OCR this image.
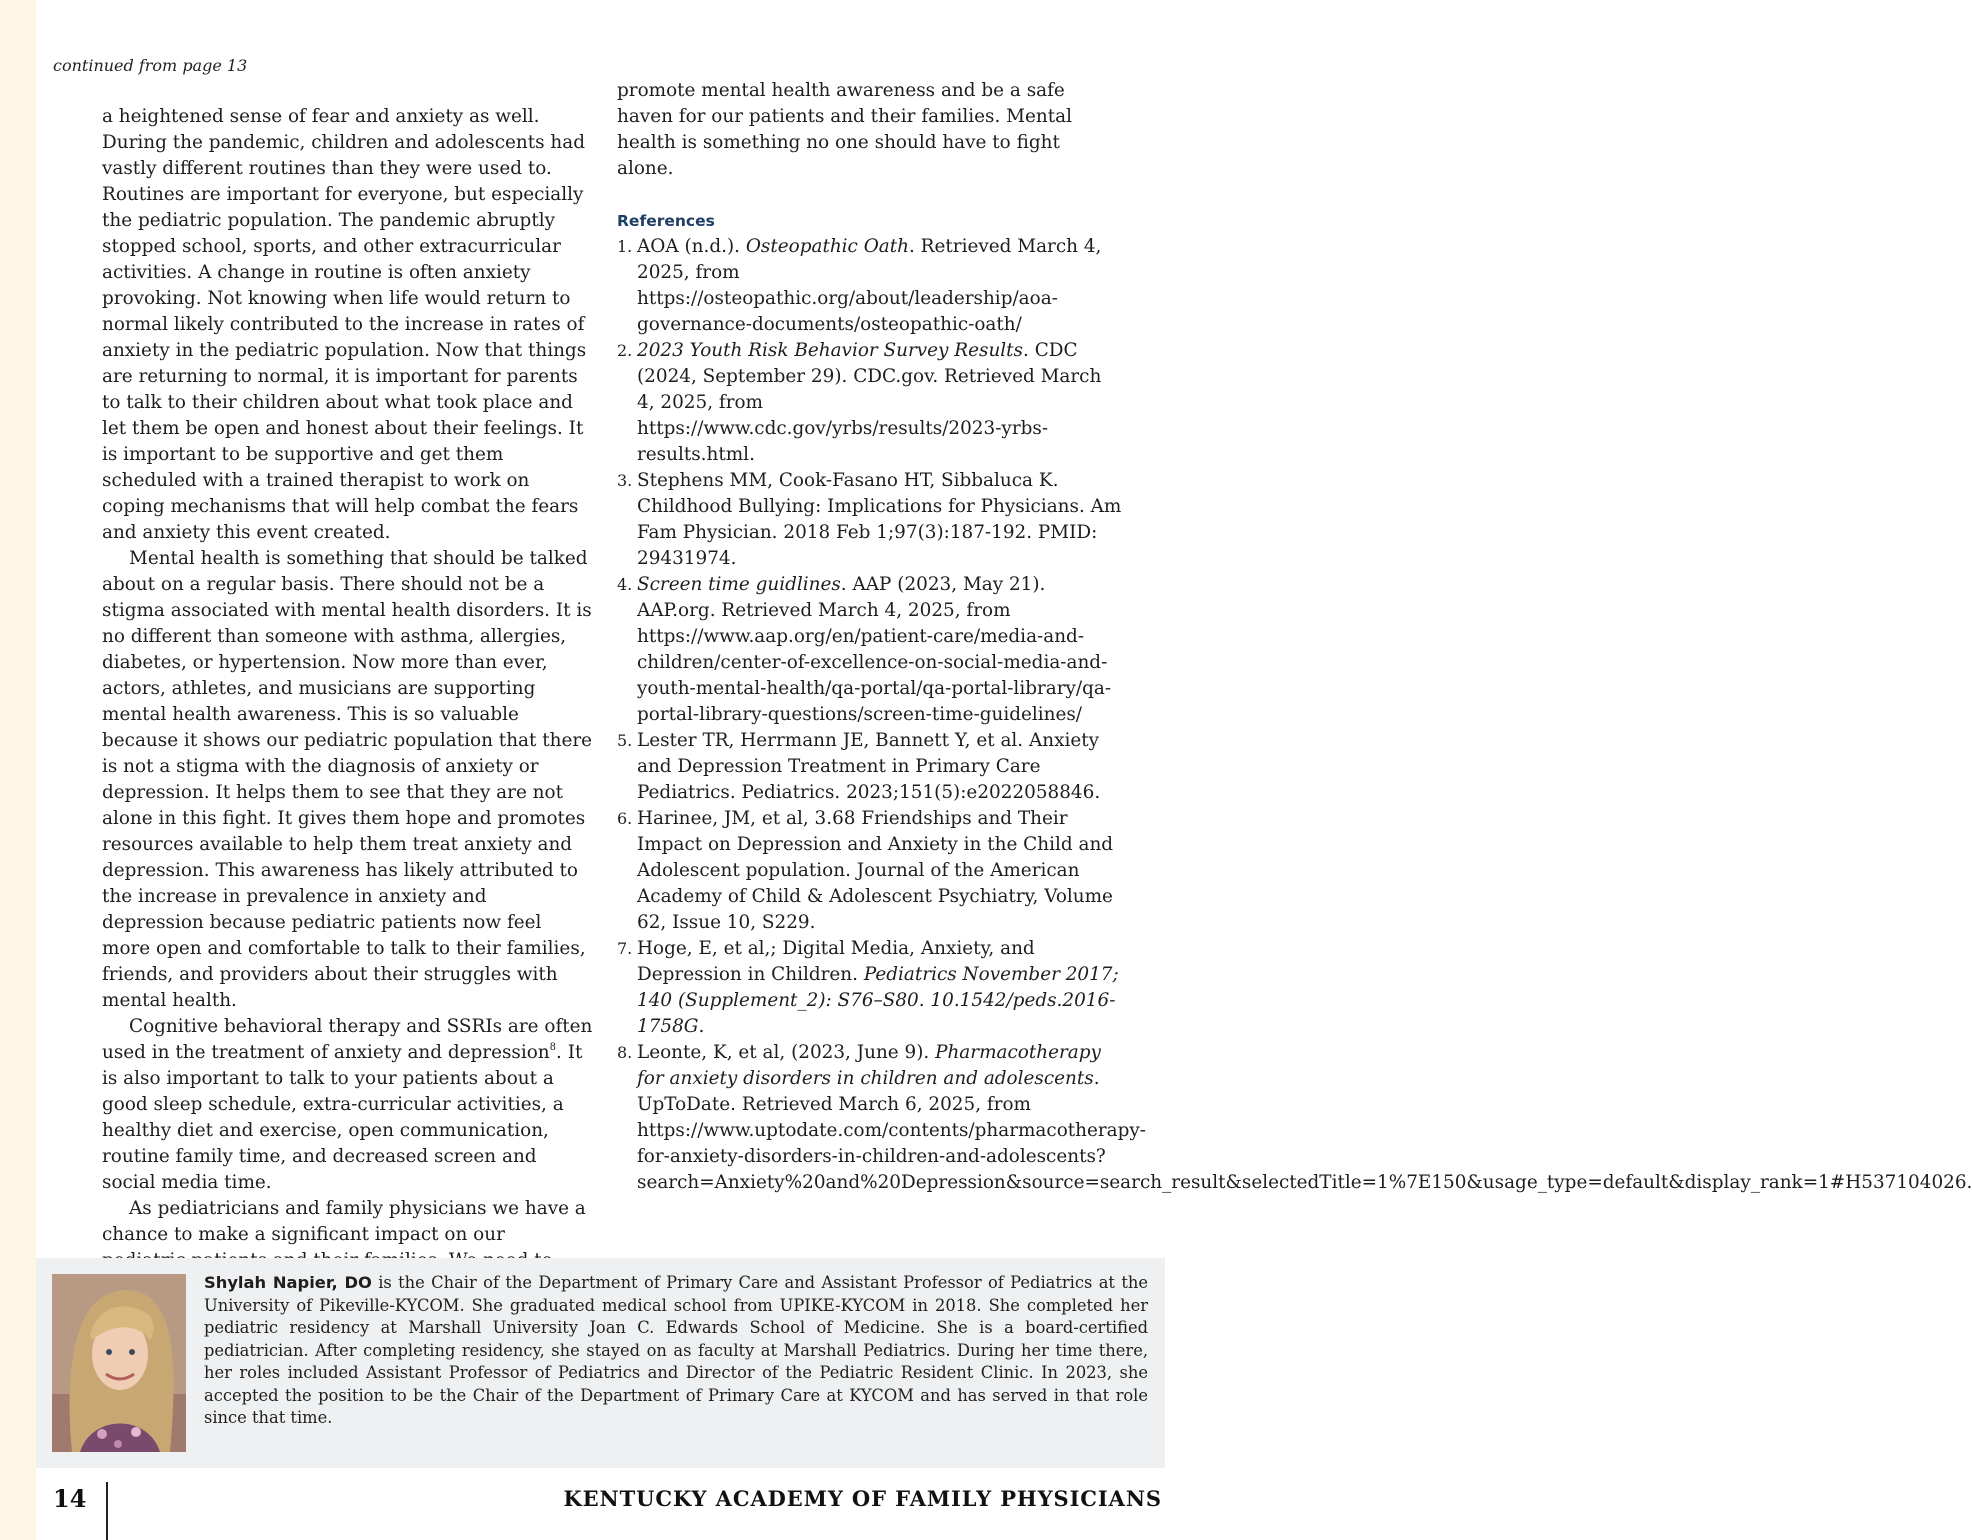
continued from page 13

a heightened sense of fear and anxiety as well. During the pandemic, children and adolescents had vastly different routines than they were used to. Routines are important for everyone, but especially the pediatric population. The pandemic abruptly stopped school, sports, and other extracurricular activities. A change in routine is often anxiety provoking. Not knowing when life would return to normal likely contributed to the increase in rates of anxiety in the pediatric population. Now that things are returning to normal, it is important for parents to talk to their children about what took place and let them be open and honest about their feelings. It is important to be supportive and get them scheduled with a trained therapist to work on coping mechanisms that will help combat the fears and anxiety this event created.

Mental health is something that should be talked about on a regular basis. There should not be a stigma associated with mental health disorders. It is no different than someone with asthma, allergies, diabetes, or hypertension. Now more than ever, actors, athletes, and musicians are supporting mental health awareness. This is so valuable because it shows our pediatric population that there is not a stigma with the diagnosis of anxiety or depression. It helps them to see that they are not alone in this fight. It gives them hope and promotes resources available to help them treat anxiety and depression. This awareness has likely attributed to the increase in prevalence in anxiety and depression because pediatric patients now feel more open and comfortable to talk to their families, friends, and providers about their struggles with mental health.

Cognitive behavioral therapy and SSRIs are often used in the treatment of anxiety and depression$^8$. It is also important to talk to your patients about a good sleep schedule, extra-curricular activities, a healthy diet and exercise, open communication, routine family time, and decreased screen and social media time.

As pediatricians and family physicians we have a chance to make a significant impact on our

promote mental health awareness and be a safe haven for our patients and their families. Mental health is something no one should have to fight alone.

References
1. AOA (n.d.). Osteopathic Oath. Retrieved March 4, 2025, from https://osteopathic.org/about/leadership/aoa-governance-documents/osteopathic-oath/
2. 2023 Youth Risk Behavior Survey Results. CDC (2024, September 29). CDC.gov. Retrieved March 4, 2025, from https://www.cdc.gov/yrbs/results/2023-yrbs-results.html.
3. Stephens MM, Cook-Fasano HT, Sibbaluca K. Childhood Bullying: Implications for Physicians. Am Fam Physician. 2018 Feb 1;97(3):187-192. PMID: 29431974.
4. Screen time guidlines. AAP (2023, May 21). AAP.org. Retrieved March 4, 2025, from https://www.aap.org/en/patient-care/media-and-children/center-of-excellence-on-social-media-and-youth-mental-health/qa-portal/qa-portal-library/qa-portal-library-questions/screen-time-guidelines/
5. Lester TR, Herrmann JE, Bannett Y, et al. Anxiety and Depression Treatment in Primary Care Pediatrics. Pediatrics. 2023;151(5):e2022058846.
6. Harinee, JM, et al, 3.68 Friendships and Their Impact on Depression and Anxiety in the Child and Adolescent population. Journal of the American Academy of Child & Adolescent Psychiatry, Volume 62, Issue 10, S229.
7. Hoge, E, et al,; Digital Media, Anxiety, and Depression in Children. Pediatrics November 2017; 140 (Supplement_2): S76–S80. 10.1542/peds.2016-1758G.
8. Leonte, K, et al, (2023, June 9). Pharmacotherapy for anxiety disorders in children and adolescents. UpToDate. Retrieved March 6, 2025, from https://www.uptodate.com/contents/pharmacotherapy-for-anxiety-disorders-in-children-and-adolescents?search=Anxiety%20and%20Depression&source=search_result&selectedTitle=1%7E150&usage_type=default&display_rank=1#H537104026.
Shylah Napier, DO is the Chair of the Department of Primary Care and Assistant Professor of Pediatrics at the University of Pikeville-KYCOM. She graduated medical school from UPIKE-KYCOM in 2018. She completed her pediatric residency at Marshall University Joan C. Edwards School of Medicine. She is a board-certified pediatrician. After completing residency, she stayed on as faculty at Marshall Pediatrics. During her time there, her roles included Assistant Professor of Pediatrics and Director of the Pediatric Resident Clinic. In 2023, she accepted the position to be the Chair of the Department of Primary Care at KYCOM and has served in that role since that time.
14	KENTUCKY ACADEMY OF FAMILY PHYSICIANS
